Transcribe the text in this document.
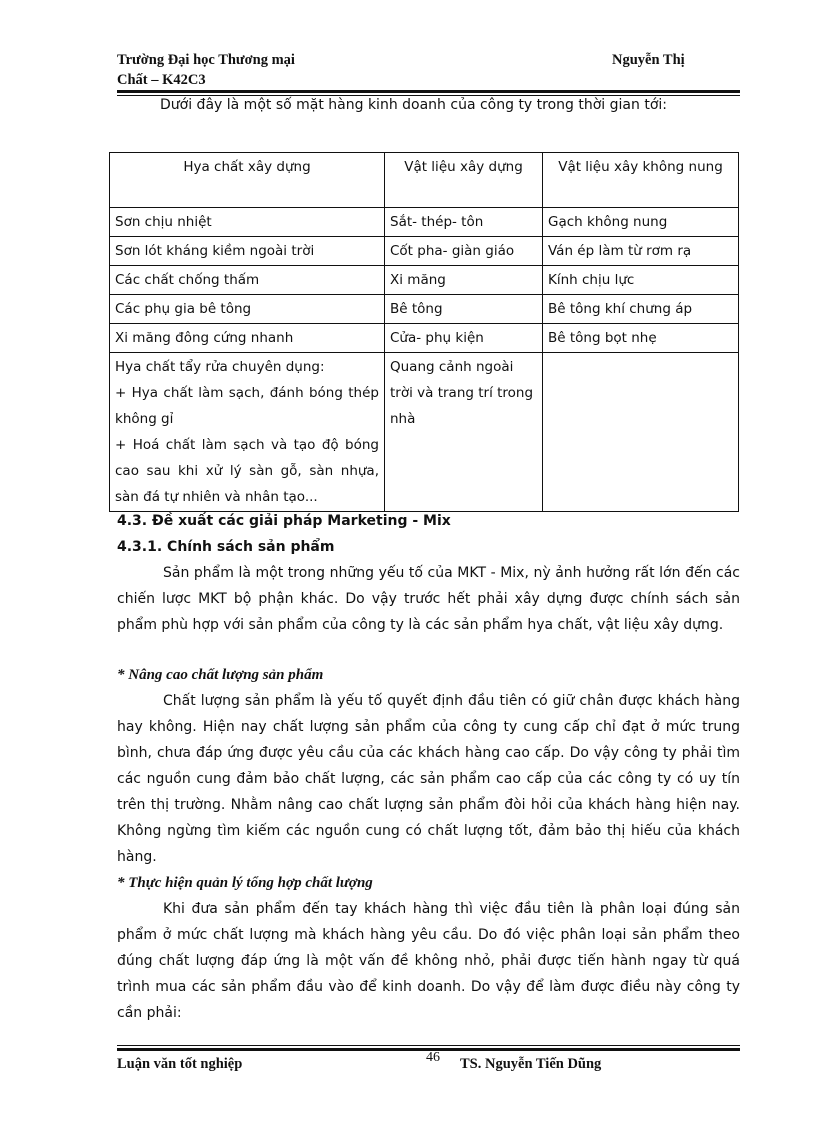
Trường Đại học Thương mại
Chất – K42C3
Nguyễn Thị
Dưới đây là một số mặt hàng kinh doanh của công ty trong thời gian tới:
Hya chất xây dựng	Vật liệu xây dựng	Vật liệu xây không nung
Sơn chịu nhiệt	Sắt- thép- tôn	Gạch không nung
Sơn lót kháng kiềm ngoài trời	Cốt pha- giàn giáo	Ván ép làm từ rơm rạ
Các chất chống thấm	Xi măng	Kính chịu lực
Các phụ gia bê tông	Bê tông	Bê tông khí chưng áp
Xi măng đông cứng nhanh	Cửa- phụ kiện	Bê tông bọt nhẹ

Hya chất tẩy rửa chuyên dụng:
+ Hya chất làm sạch, đánh bóng thép không gỉ
+ Hoá chất làm sạch và tạo độ bóng cao sau khi xử lý sàn gỗ, sàn nhựa, sàn đá tự nhiên và nhân tạo...	Quang cảnh ngoài trời và trang trí trong nhà	
4.3. Đề xuất các giải pháp Marketing - Mix
4.3.1. Chính sách sản phẩm

Sản phẩm là một trong những yếu tố của MKT - Mix, nỳ ảnh hưởng rất lớn đến các chiến lược MKT bộ phận khác. Do vậy trước hết phải xây dựng được chính sách sản phẩm phù hợp với sản phẩm của công ty là các sản phẩm hya chất, vật liệu xây dựng.

* Nâng cao chất lượng sản phẩm

Chất lượng sản phẩm là yếu tố quyết định đầu tiên có giữ chân được khách hàng hay không. Hiện nay chất lượng sản phẩm của công ty cung cấp chỉ đạt ở mức trung bình, chưa đáp ứng được yêu cầu của các khách hàng cao cấp. Do vậy công ty phải tìm các nguồn cung đảm bảo chất lượng, các sản phẩm cao cấp của các công ty có uy tín trên thị trường. Nhằm nâng cao chất lượng sản phẩm đòi hỏi của khách hàng hiện nay. Không ngừng tìm kiếm các nguồn cung có chất lượng tốt, đảm bảo thị hiếu của khách hàng.

* Thực hiện quản lý tổng hợp chất lượng

Khi đưa sản phẩm đến tay khách hàng thì việc đầu tiên là phân loại đúng sản phẩm ở mức chất lượng mà khách hàng yêu cầu. Do đó việc phân loại sản phẩm theo đúng chất lượng đáp ứng là một vấn đề không nhỏ, phải được tiến hành ngay từ quá trình mua các sản phẩm đầu vào để kinh doanh. Do vậy để làm được điều này công ty cần phải:

Luận văn tốt nghiệp	46 TS. Nguyễn Tiến Dũng
